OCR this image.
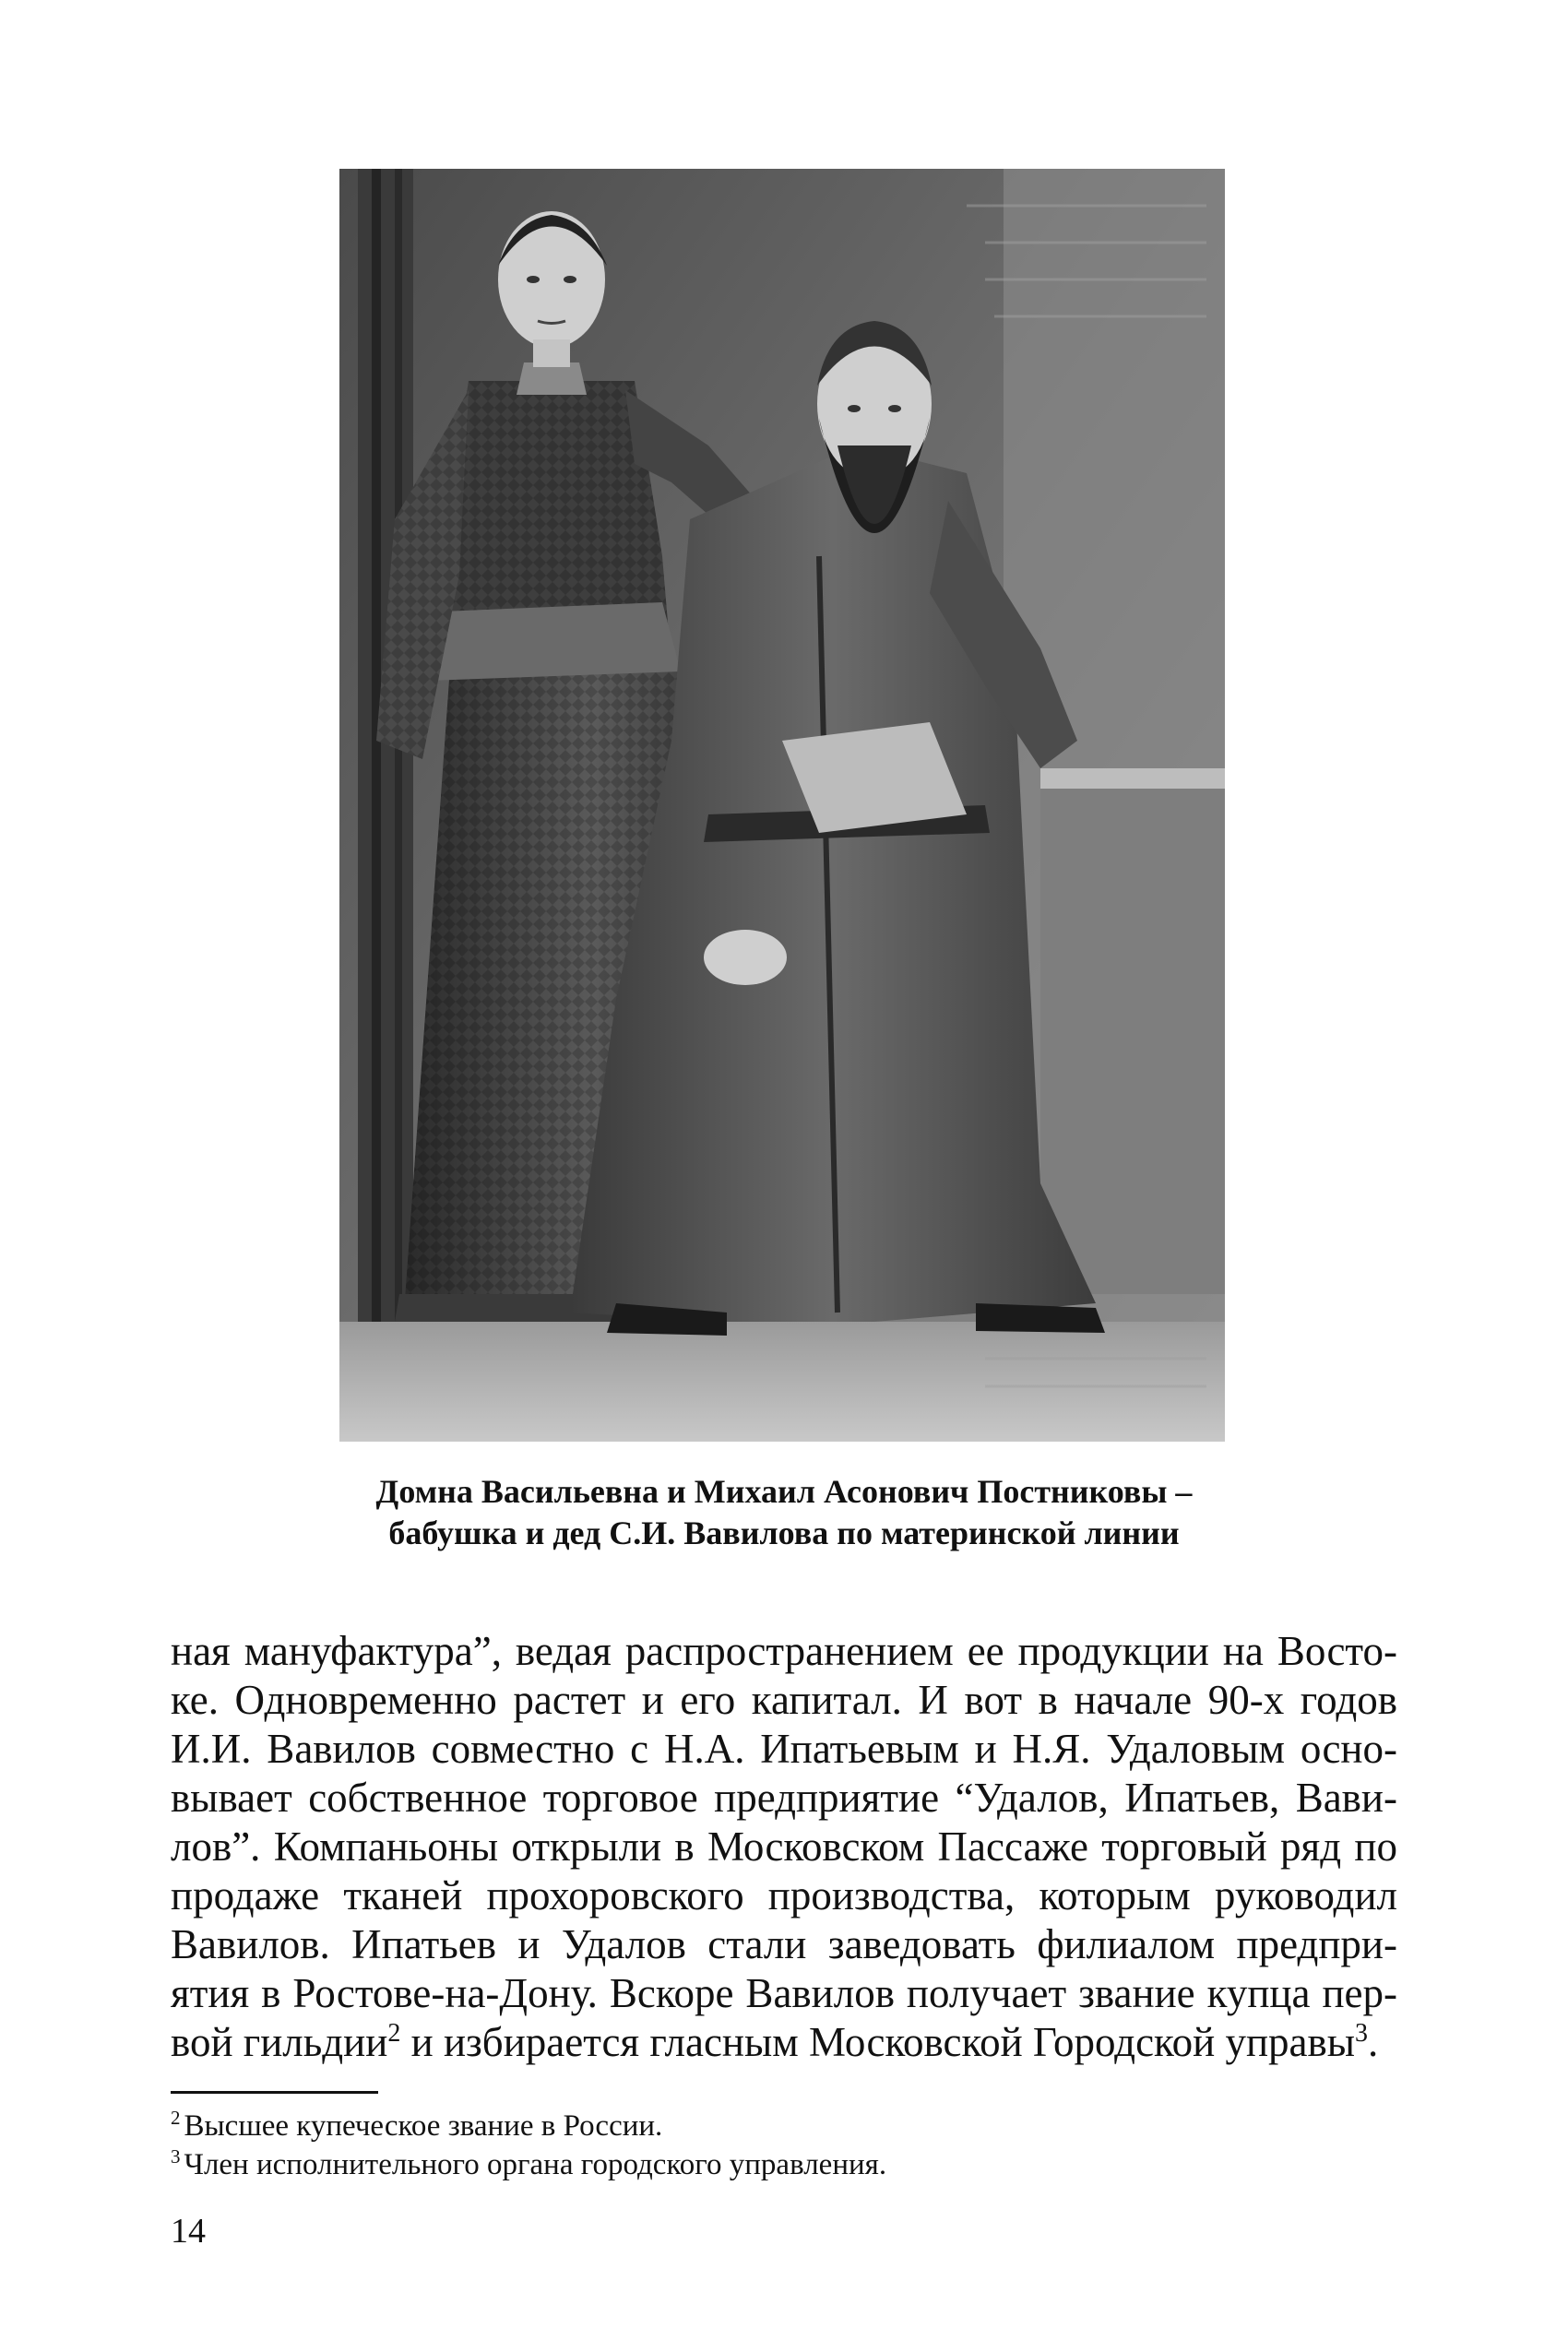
Домна Васильевна и Михаил Асонович Постниковы –
бабушка и дед С.И. Вавилова по материнской линии
ная мануфактура”, ведая распространением ее продукции на Восто-
ке. Одновременно растет и его капитал. И вот в начале 90-х годов
И.И. Вавилов совместно с Н.А. Ипатьевым и Н.Я. Удаловым осно-
вывает собственное торговое предприятие “Удалов, Ипатьев, Вави-
лов”. Компаньоны открыли в Московском Пассаже торговый ряд по
продаже тканей прохоровского производства, которым руководил
Вавилов. Ипатьев и Удалов стали заведовать филиалом предпри-
ятия в Ростове-на-Дону. Вскоре Вавилов получает звание купца пер-
вой гильдии$^2$ и избирается гласным Московской Городской управы$^3$.
$^2$ Высшее купеческое звание в России.
$^3$ Член исполнительного органа городского управления.
14
